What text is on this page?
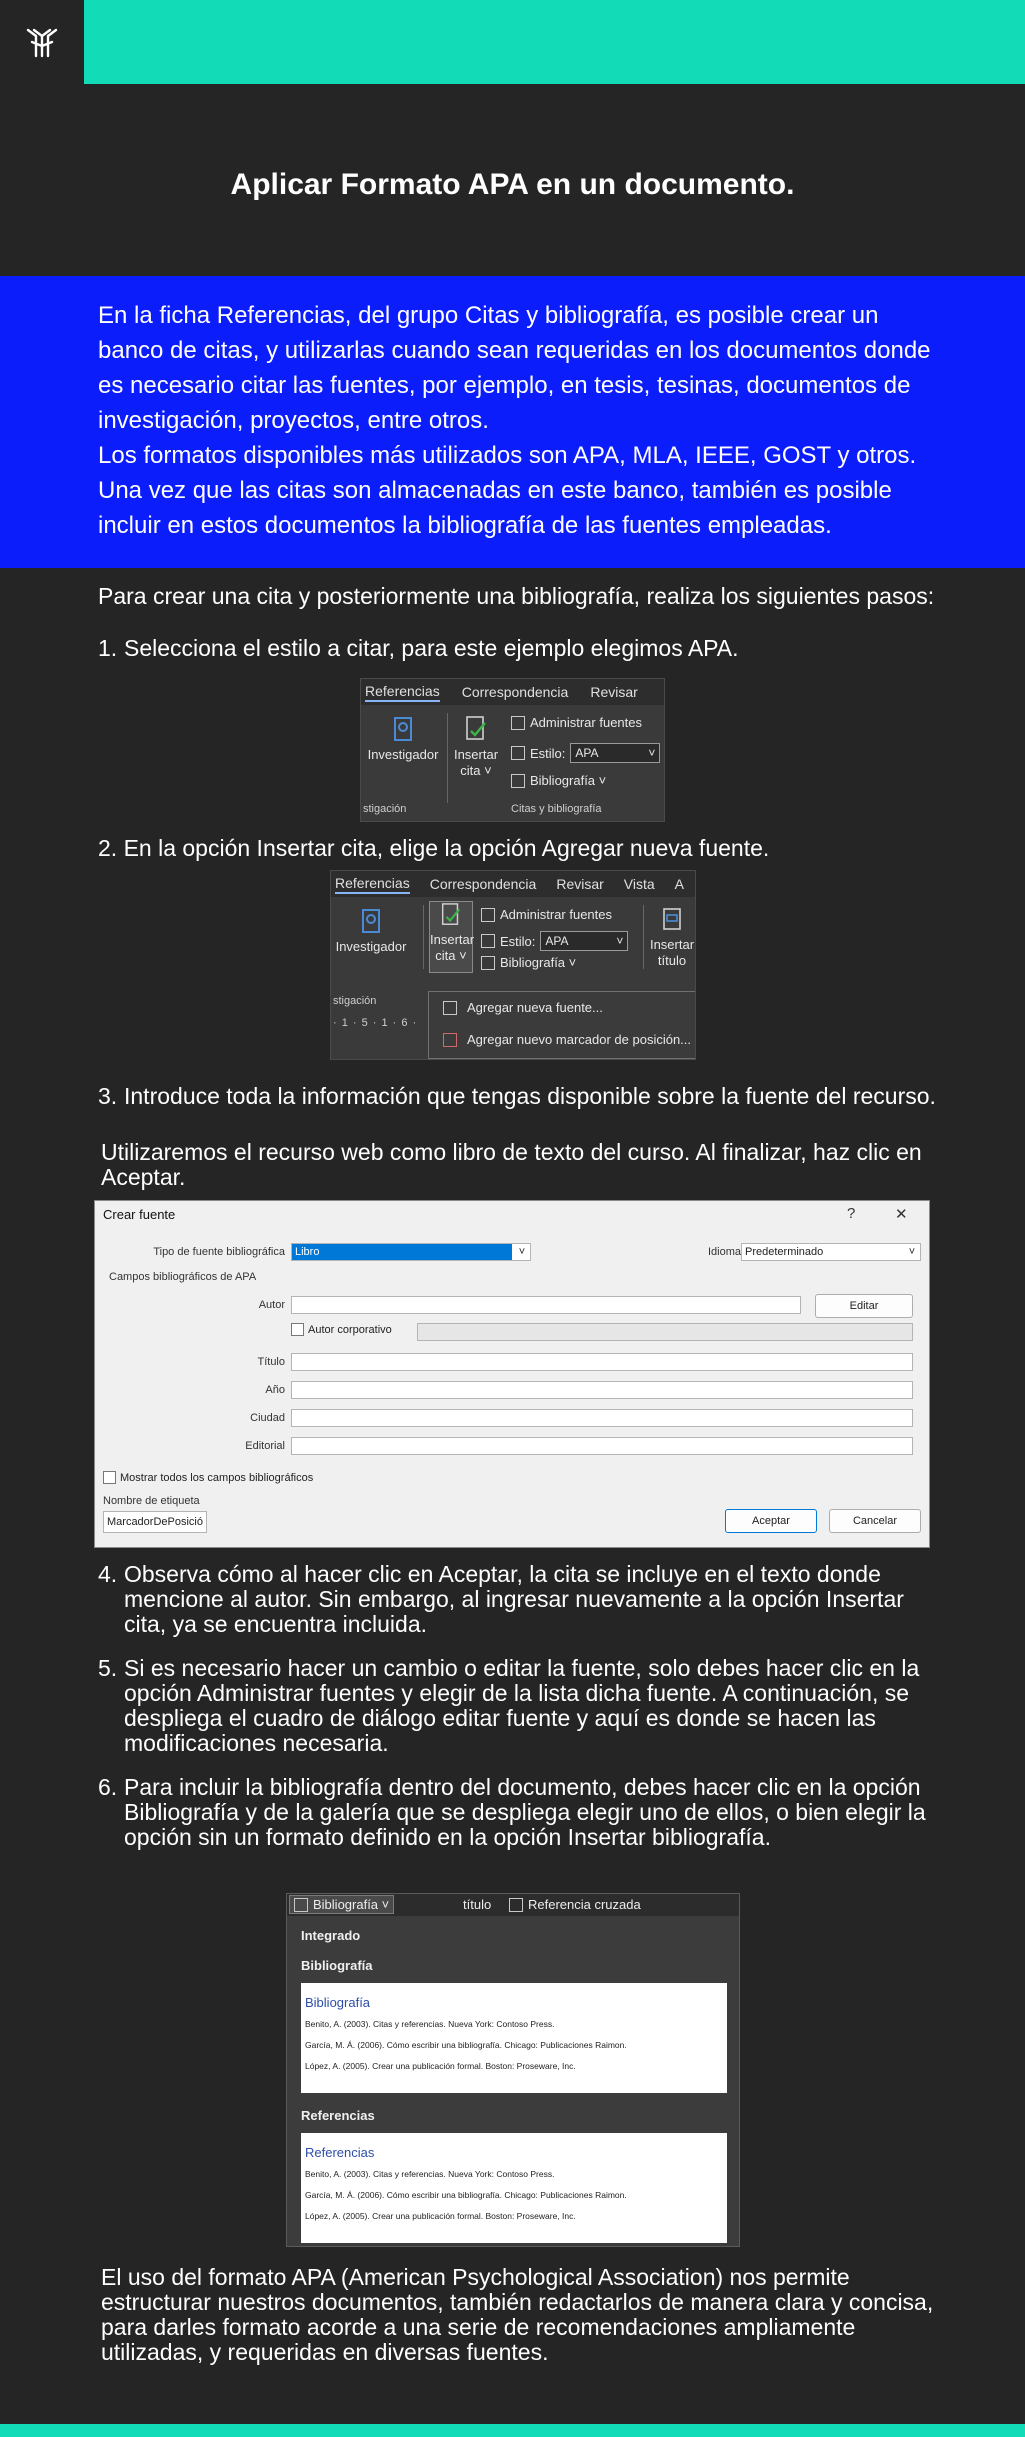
Aplicar Formato APA en un documento.

En la ficha Referencias, del grupo Citas y bibliografía, es posible crear un banco de citas, y utilizarlas cuando sean requeridas en los documentos donde es necesario citar las fuentes, por ejemplo, en tesis, tesinas, documentos de investigación, proyectos, entre otros.

Los formatos disponibles más utilizados son APA, MLA, IEEE, GOST y otros. Una vez que las citas son almacenadas en este banco, también es posible incluir en estos documentos la bibliografía de las fuentes empleadas.

Para crear una cita y posteriormente una bibliografía, realiza los siguientes pasos:

1. Selecciona el estilo a citar, para este ejemplo elegimos APA.
Referencias Correspondencia Revisar
Investigador	Insertar
cita ˅
Administrar fuentes
Estilo: APA	˅
Bibliografía ˅
stigación	Citas y bibliografía

2. En la opción Insertar cita, elige la opción Agregar nueva fuente.

Referencias Correspondencia Revisar Vista A
Investigador	Insertar
cita ˅
Administrar fuentes
Estilo: APA	˅
Bibliografía ˅
Insertar
título
stigación
· 1 · 5 · 1 · 6 ·
Agregar nueva fuente...
Agregar nuevo marcador de posición...
3. Introduce toda la información que tengas disponible sobre la fuente del recurso.

Utilizaremos el recurso web como libro de texto del curso. Al finalizar, haz clic en Aceptar.

Crear fuente	?	✕
Tipo de fuente bibliográfica Libro	˅	Idioma Predeterminado	˅
Campos bibliográficos de APA
Autor	Editar
Autor corporativo
Título
Año
Ciudad
Editorial
Mostrar todos los campos bibliográficos
Nombre de etiqueta
MarcadorDePosició	Aceptar	Cancelar
4. Observa cómo al hacer clic en Aceptar, la cita se incluye en el texto donde mencione al autor. Sin embargo, al ingresar nuevamente a la opción Insertar cita, ya se encuentra incluida.
5. Si es necesario hacer un cambio o editar la fuente, solo debes hacer clic en la opción Administrar fuentes y elegir de la lista dicha fuente. A continuación, se despliega el cuadro de diálogo editar fuente y aquí es donde se hacen las modificaciones necesaria.
6. Para incluir la bibliografía dentro del documento, debes hacer clic en la opción Bibliografía y de la galería que se despliega elegir uno de ellos, o bien elegir la opción sin un formato definido en la opción Insertar bibliografía.
Bibliografía ˅	título	Referencia cruzada
Integrado
Bibliografía
Bibliografía
Benito, A. (2003). Citas y referencias. Nueva York: Contoso Press.
García, M. Á. (2006). Cómo escribir una bibliografía. Chicago: Publicaciones Raimon.
López, A. (2005). Crear una publicación formal. Boston: Proseware, Inc.
Referencias
Referencias
Benito, A. (2003). Citas y referencias. Nueva York: Contoso Press.
García, M. Á. (2006). Cómo escribir una bibliografía. Chicago: Publicaciones Raimon.
López, A. (2005). Crear una publicación formal. Boston: Proseware, Inc.

El uso del formato APA (American Psychological Association) nos permite estructurar nuestros documentos, también redactarlos de manera clara y concisa, para darles formato acorde a una serie de recomendaciones ampliamente utilizadas, y requeridas en diversas fuentes.
